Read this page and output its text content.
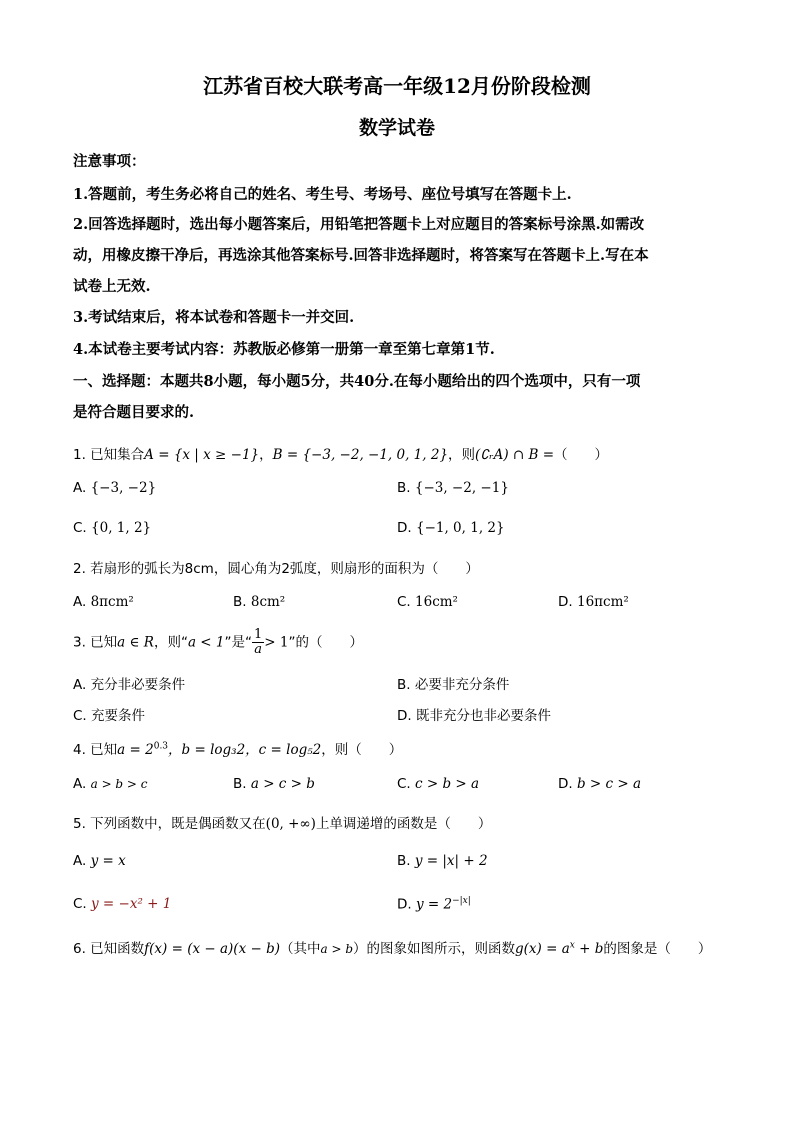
江苏省百校大联考高一年级12月份阶段检测
数学试卷
注意事项：
1.答题前，考生务必将自己的姓名、考生号、考场号、座位号填写在答题卡上.
2.回答选择题时，选出每小题答案后，用铅笔把答题卡上对应题目的答案标号涂黑.如需改
动，用橡皮擦干净后，再选涂其他答案标号.回答非选择题时，将答案写在答题卡上.写在本
试卷上无效.
3.考试结束后，将本试卷和答题卡一并交回.
4.本试卷主要考试内容：苏教版必修第一册第一章至第七章第1节.
一、选择题：本题共8小题，每小题5分，共40分.在每小题给出的四个选项中，只有一项
是符合题目要求的.
1. 已知集合A = {x | x ≥ −1}，B = {−3, −2, −1, 0, 1, 2}，则(∁ᵣA) ∩ B =（　　）
A. {−3, −2}	B. {−3, −2, −1}
C. {0, 1, 2}	D. {−1, 0, 1, 2}
2. 若扇形的弧长为8cm，圆心角为2弧度，则扇形的面积为（　　）
A. 8πcm²	B. 8cm²	C. 16cm²	D. 16πcm²
3. 已知a ∈ R，则“a < 1”是“ $\frac{1}{a} > 1$”的（　　）
A. 充分非必要条件	B. 必要非充分条件
C. 充要条件	D. 既非充分也非必要条件
4. 已知$a = 2^{0.3}$，b = log₃2，c = log₅2，则（　　）
A. a > b > c	B. a > c > b	C. c > b > a	D. b > c > a
5. 下列函数中，既是偶函数又在(0, +∞)上单调递增的函数是（　　）
A. y = x	B. y = |x| + 2
C. y = −x² + 1	D. $y = 2^{-|x|}$
6. 已知函数f(x) = (x − a)(x − b)（其中a > b）的图象如图所示，则函数$g(x) = a^x + b$的图象是（　　）
